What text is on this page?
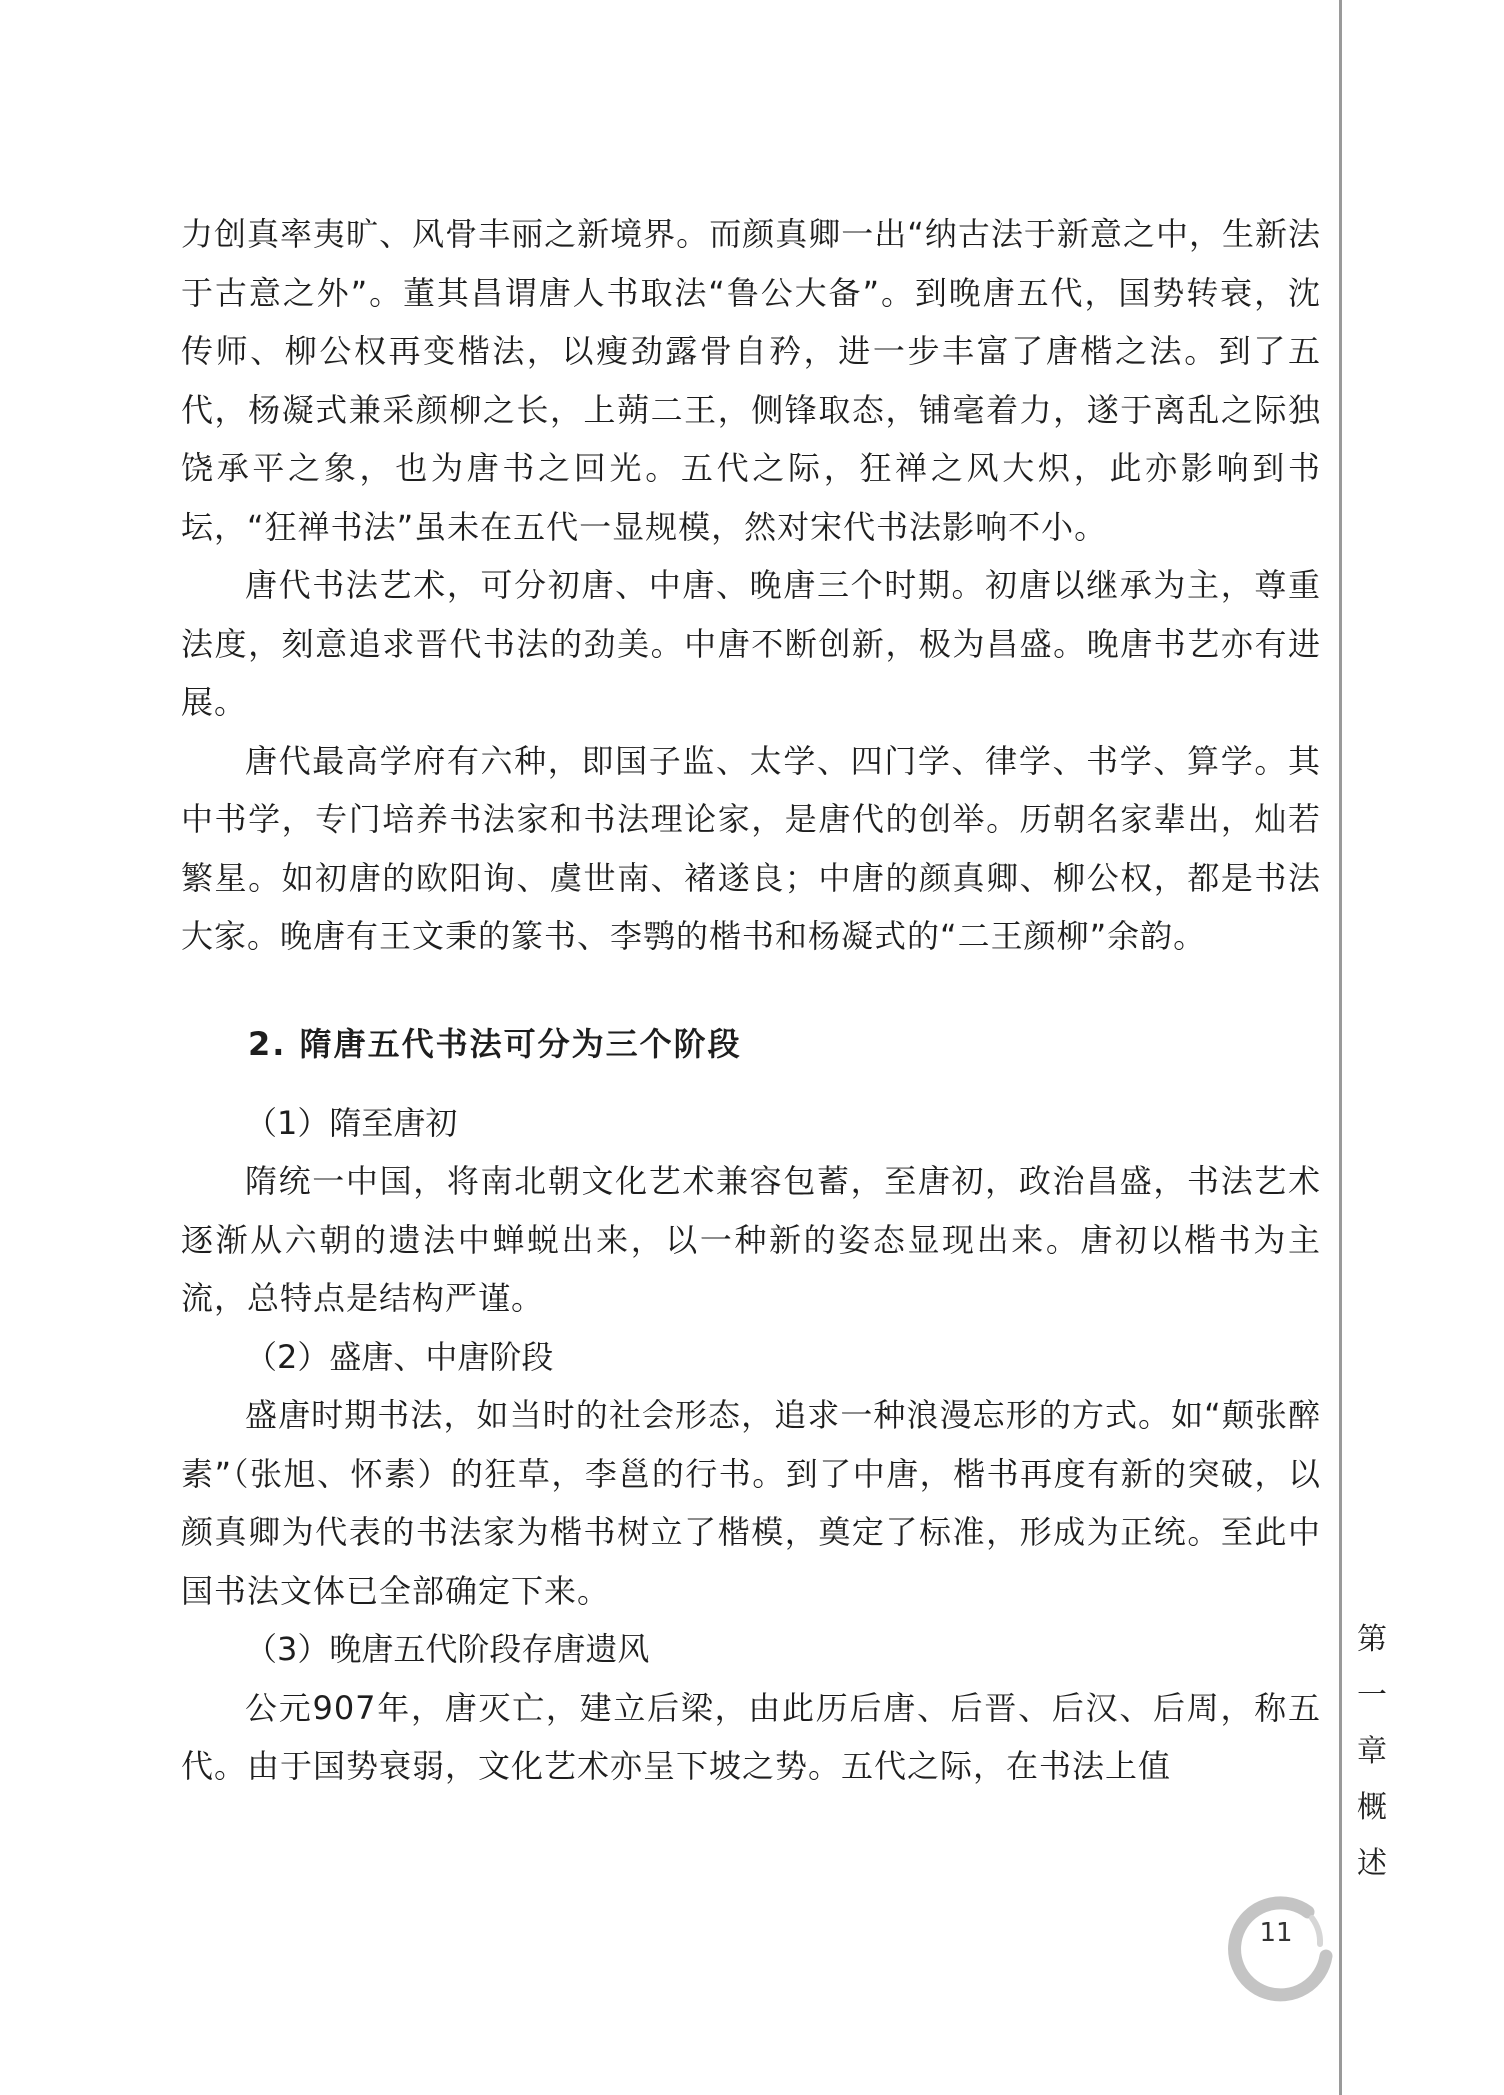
力创真率夷旷、风骨丰丽之新境界。而颜真卿一出“纳古法于新意之中，生新法于古意之外”。董其昌谓唐人书取法“鲁公大备”。到晚唐五代，国势转衰，沈传师、柳公权再变楷法，以瘦劲露骨自矜，进一步丰富了唐楷之法。到了五代，杨凝式兼采颜柳之长，上蒴二王，侧锋取态，铺毫着力，遂于离乱之际独饶承平之象，也为唐书之回光。五代之际，狂禅之风大炽，此亦影响到书坛，“狂禅书法”虽未在五代一显规模，然对宋代书法影响不小。

唐代书法艺术，可分初唐、中唐、晚唐三个时期。初唐以继承为主，尊重法度，刻意追求晋代书法的劲美。中唐不断创新，极为昌盛。晚唐书艺亦有进展。

唐代最高学府有六种，即国子监、太学、四门学、律学、书学、算学。其中书学，专门培养书法家和书法理论家，是唐代的创举。历朝名家辈出，灿若繁星。如初唐的欧阳询、虞世南、褚遂良；中唐的颜真卿、柳公权，都是书法大家。晚唐有王文秉的篆书、李鹗的楷书和杨凝式的“二王颜柳”余韵。

2. 隋唐五代书法可分为三个阶段

（1）隋至唐初

隋统一中国，将南北朝文化艺术兼容包蓄，至唐初，政治昌盛，书法艺术逐渐从六朝的遗法中蝉蜕出来，以一种新的姿态显现出来。唐初以楷书为主流，总特点是结构严谨。

（2）盛唐、中唐阶段

盛唐时期书法，如当时的社会形态，追求一种浪漫忘形的方式。如“颠张醉素”（张旭、怀素）的狂草，李邕的行书。到了中唐，楷书再度有新的突破，以颜真卿为代表的书法家为楷书树立了楷模，奠定了标准，形成为正统。至此中国书法文体已全部确定下来。

（3）晚唐五代阶段存唐遗风

公元907年，唐灭亡，建立后梁，由此历后唐、后晋、后汉、后周，称五代。由于国势衰弱，文化艺术亦呈下坡之势。五代之际，在书法上值

第
一
章
概
述
11
